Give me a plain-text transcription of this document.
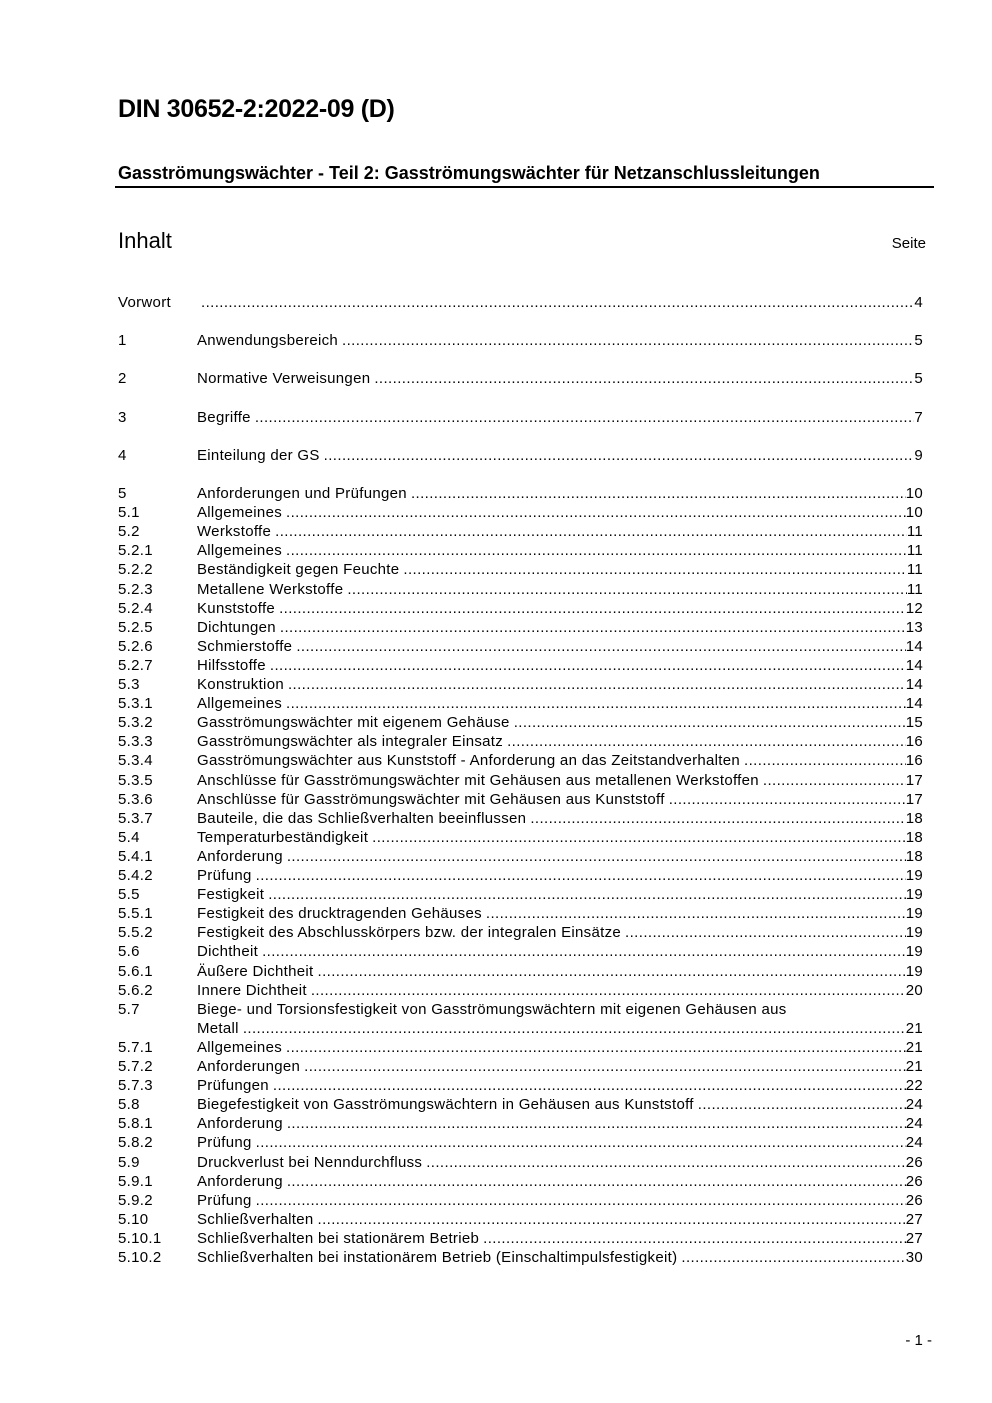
DIN 30652-2:2022-09 (D)
Gasströmungswächter - Teil 2: Gasströmungswächter für Netzanschlussleitungen
Inhalt	Seite
Vorwort .....	4
1	Anwendungsbereich .....	5
2	Normative Verweisungen .....	5
3	Begriffe .....	7
4	Einteilung der GS .....	9
5	Anforderungen und Prüfungen .....	10
5.1	Allgemeines .....	10
5.2	Werkstoffe .....	11
5.2.1	Allgemeines .....	11
5.2.2	Beständigkeit gegen Feuchte .....	11
5.2.3	Metallene Werkstoffe .....	11
5.2.4	Kunststoffe .....	12
5.2.5	Dichtungen .....	13
5.2.6	Schmierstoffe .....	14
5.2.7	Hilfsstoffe .....	14
5.3	Konstruktion .....	14
5.3.1	Allgemeines .....	14
5.3.2	Gasströmungswächter mit eigenem Gehäuse .....	15
5.3.3	Gasströmungswächter als integraler Einsatz .....	16
5.3.4	Gasströmungswächter aus Kunststoff - Anforderung an das Zeitstandverhalten .....	16
5.3.5	Anschlüsse für Gasströmungswächter mit Gehäusen aus metallenen Werkstoffen .....	17
5.3.6	Anschlüsse für Gasströmungswächter mit Gehäusen aus Kunststoff .....	17
5.3.7	Bauteile, die das Schließverhalten beeinflussen .....	18
5.4	Temperaturbeständigkeit .....	18
5.4.1	Anforderung .....	18
5.4.2	Prüfung .....	19
5.5	Festigkeit .....	19
5.5.1	Festigkeit des drucktragenden Gehäuses .....	19
5.5.2	Festigkeit des Abschlusskörpers bzw. der integralen Einsätze .....	19
5.6	Dichtheit .....	19
5.6.1	Äußere Dichtheit .....	19
5.6.2	Innere Dichtheit .....	20
5.7	Biege- und Torsionsfestigkeit von Gasströmungswächtern mit eigenen Gehäusen aus
Metall .....	21
5.7.1	Allgemeines .....	21
5.7.2	Anforderungen .....	21
5.7.3	Prüfungen .....	22
5.8	Biegefestigkeit von Gasströmungswächtern in Gehäusen aus Kunststoff .....	24
5.8.1	Anforderung .....	24
5.8.2	Prüfung .....	24
5.9	Druckverlust bei Nenndurchfluss .....	26
5.9.1	Anforderung .....	26
5.9.2	Prüfung .....	26
5.10	Schließverhalten .....	27
5.10.1 Schließverhalten bei stationärem Betrieb .....	27
5.10.2 Schließverhalten bei instationärem Betrieb (Einschaltimpulsfestigkeit) .....	30
- 1 -
